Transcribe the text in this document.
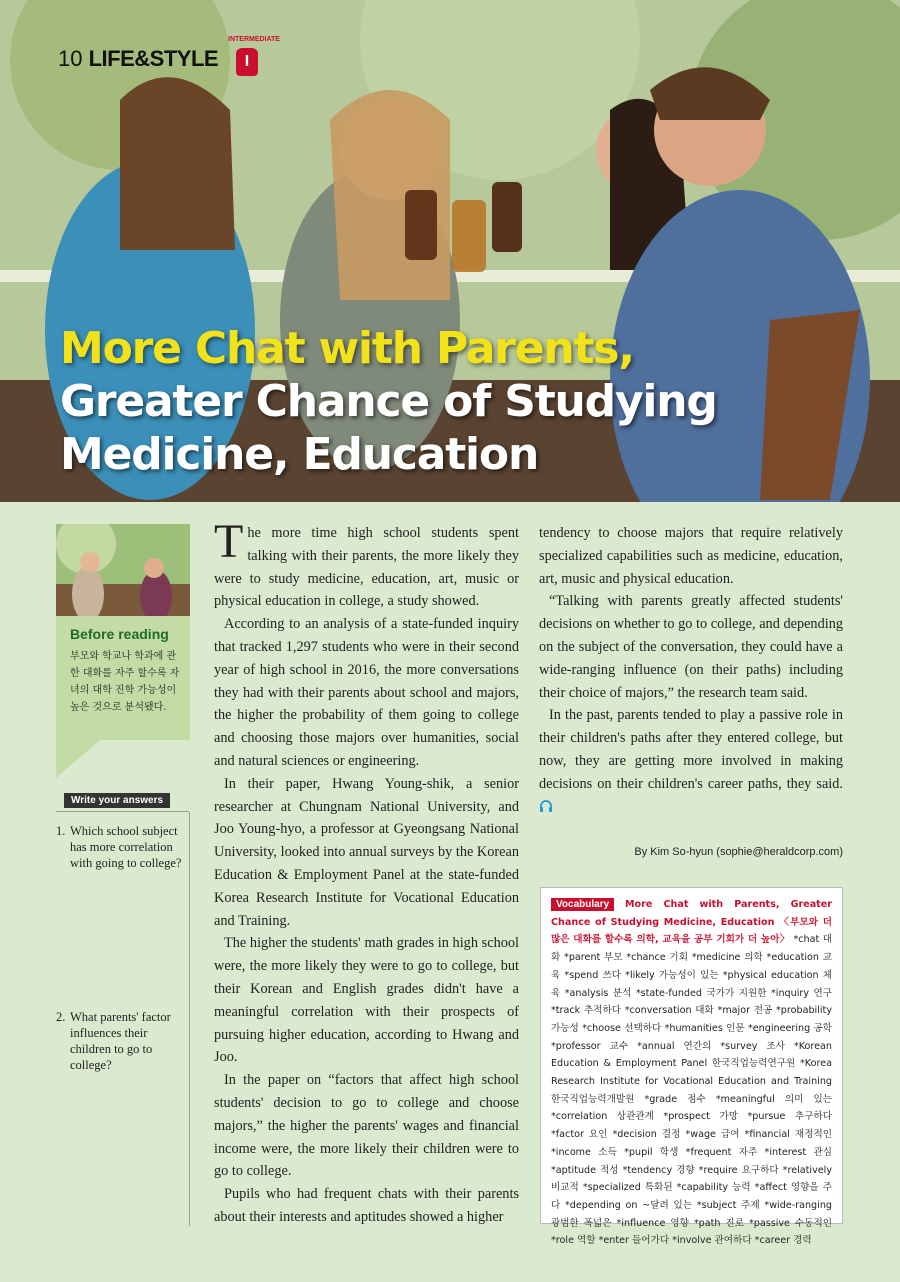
10 LIFE&STYLE
INTERMEDIATE
I
More Chat with Parents,
Greater Chance of Studying
Medicine, Education
Before reading
부모와 학교나 학과에 관한 대화를 자주 할수록 자녀의 대학 진학 가능성이 높은 것으로 분석됐다.
Write your answers
1. Which school subject has more correlation with going to college?
2. What parents' factor influences their children to go to college?

The more time high school students spent talking with their parents, the more likely they were to study medicine, education, art, music or physical education in college, a study showed.

According to an analysis of a state-funded inquiry that tracked 1,297 students who were in their second year of high school in 2016, the more conversations they had with their parents about school and majors, the higher the probability of them going to college and choosing those majors over humanities, social and natural sciences or engineering.

In their paper, Hwang Young-shik, a senior researcher at Chungnam National University, and Joo Young-hyo, a professor at Gyeongsang National University, looked into annual surveys by the Korean Education & Employment Panel at the state-funded Korea Research Institute for Vocational Education and Training.

The higher the students' math grades in high school were, the more likely they were to go to college, but their Korean and English grades didn't have a meaningful correlation with their prospects of pursuing higher education, according to Hwang and Joo.

In the paper on “factors that affect high school students' decision to go to college and choose majors,” the higher the parents' wages and financial income were, the more likely their children were to go to college.

Pupils who had frequent chats with their parents about their interests and aptitudes showed a higher

tendency to choose majors that require relatively specialized capabilities such as medicine, education, art, music and physical education.

“Talking with parents greatly affected students' decisions on whether to go to college, and depending on the subject of the conversation, they could have a wide-ranging influence (on their paths) including their choice of majors,” the research team said.

In the past, parents tended to play a passive role in their children's paths after they entered college, but now, they are getting more involved in making decisions on their children's career paths, they said.

By Kim So-hyun (sophie@heraldcorp.com)
Vocabulary More Chat with Parents, Greater Chance of Studying Medicine, Education 〈부모와 더 많은 대화를 할수록 의학, 교육을 공부 기회가 더 높아〉 *chat 대화 *parent 부모 *chance 기회 *medicine 의학 *education 교육 *spend 쓰다 *likely 가능성이 있는 *physical education 체육 *analysis 분석 *state-funded 국가가 지원한 *inquiry 연구 *track 추적하다 *conversation 대화 *major 전공 *probability 가능성 *choose 선택하다 *humanities 인문 *engineering 공학 *professor 교수 *annual 연간의 *survey 조사 *Korean Education & Employment Panel 한국직업능력연구원 *Korea Research Institute for Vocational Education and Training 한국직업능력개발원 *grade 점수 *meaningful 의미 있는 *correlation 상관관계 *prospect 가망 *pursue 추구하다 *factor 요인 *decision 결정 *wage 급여 *financial 재정적인 *income 소득 *pupil 학생 *frequent 자주 *interest 관심 *aptitude 적성 *tendency 경향 *require 요구하다 *relatively 비교적 *specialized 특화된 *capability 능력 *affect 영향을 주다 *depending on ~달려 있는 *subject 주제 *wide-ranging 광범한 폭넓은 *influence 영향 *path 진로 *passive 수동적인 *role 역할 *enter 들어가다 *involve 관여하다 *career 경력
